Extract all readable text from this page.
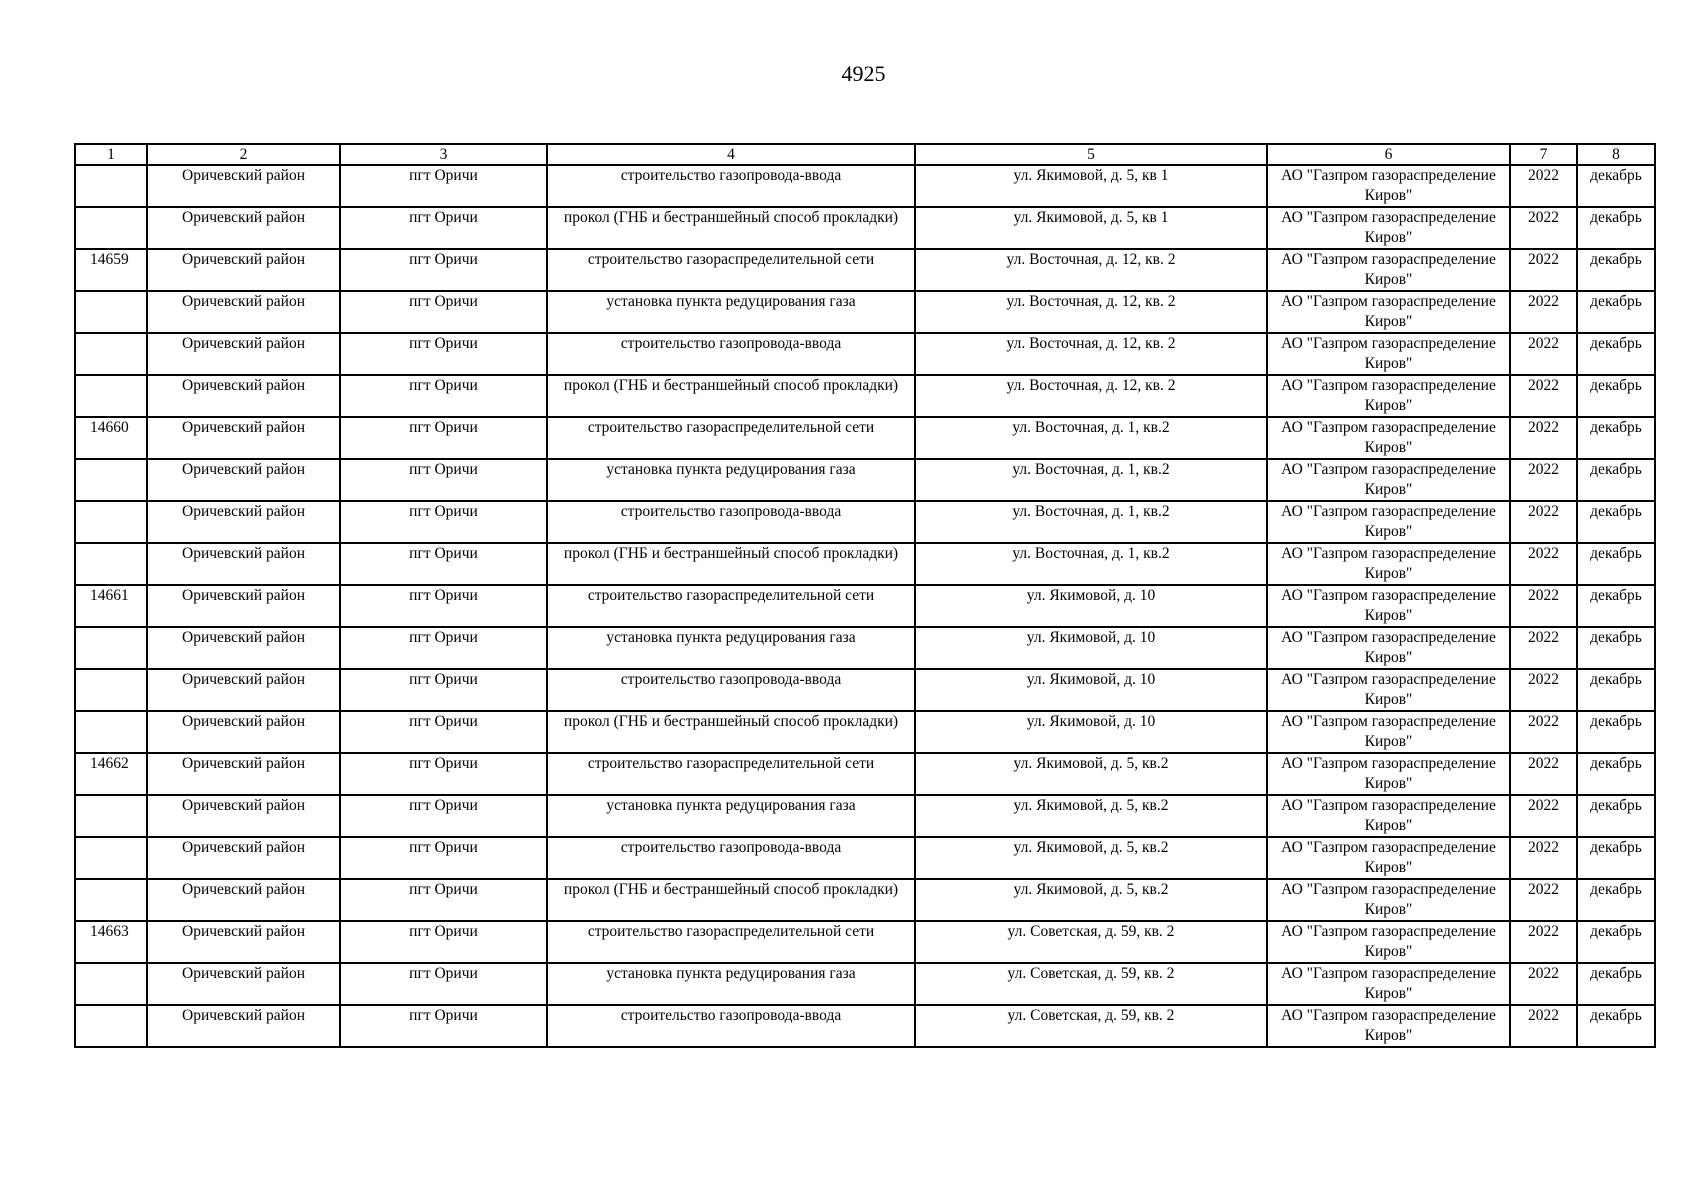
4925
1	2	3	4	5	6	7	8
	Оричевский район	пгт Оричи	строительство газопровода-ввода	ул. Якимовой, д. 5, кв 1	АО "Газпром газораспределение Киров"	2022	декабрь
	Оричевский район	пгт Оричи	прокол (ГНБ и бестраншейный способ прокладки)	ул. Якимовой, д. 5, кв 1	АО "Газпром газораспределение Киров"	2022	декабрь
14659	Оричевский район	пгт Оричи	строительство газораспределительной сети	ул. Восточная, д. 12, кв. 2	АО "Газпром газораспределение Киров"	2022	декабрь
	Оричевский район	пгт Оричи	установка пункта редуцирования газа	ул. Восточная, д. 12, кв. 2	АО "Газпром газораспределение Киров"	2022	декабрь
	Оричевский район	пгт Оричи	строительство газопровода-ввода	ул. Восточная, д. 12, кв. 2	АО "Газпром газораспределение Киров"	2022	декабрь
	Оричевский район	пгт Оричи	прокол (ГНБ и бестраншейный способ прокладки)	ул. Восточная, д. 12, кв. 2	АО "Газпром газораспределение Киров"	2022	декабрь
14660	Оричевский район	пгт Оричи	строительство газораспределительной сети	ул. Восточная, д. 1, кв.2	АО "Газпром газораспределение Киров"	2022	декабрь
	Оричевский район	пгт Оричи	установка пункта редуцирования газа	ул. Восточная, д. 1, кв.2	АО "Газпром газораспределение Киров"	2022	декабрь
	Оричевский район	пгт Оричи	строительство газопровода-ввода	ул. Восточная, д. 1, кв.2	АО "Газпром газораспределение Киров"	2022	декабрь
	Оричевский район	пгт Оричи	прокол (ГНБ и бестраншейный способ прокладки)	ул. Восточная, д. 1, кв.2	АО "Газпром газораспределение Киров"	2022	декабрь
14661	Оричевский район	пгт Оричи	строительство газораспределительной сети	ул. Якимовой, д. 10	АО "Газпром газораспределение Киров"	2022	декабрь
	Оричевский район	пгт Оричи	установка пункта редуцирования газа	ул. Якимовой, д. 10	АО "Газпром газораспределение Киров"	2022	декабрь
	Оричевский район	пгт Оричи	строительство газопровода-ввода	ул. Якимовой, д. 10	АО "Газпром газораспределение Киров"	2022	декабрь
	Оричевский район	пгт Оричи	прокол (ГНБ и бестраншейный способ прокладки)	ул. Якимовой, д. 10	АО "Газпром газораспределение Киров"	2022	декабрь
14662	Оричевский район	пгт Оричи	строительство газораспределительной сети	ул. Якимовой, д. 5, кв.2	АО "Газпром газораспределение Киров"	2022	декабрь
	Оричевский район	пгт Оричи	установка пункта редуцирования газа	ул. Якимовой, д. 5, кв.2	АО "Газпром газораспределение Киров"	2022	декабрь
	Оричевский район	пгт Оричи	строительство газопровода-ввода	ул. Якимовой, д. 5, кв.2	АО "Газпром газораспределение Киров"	2022	декабрь
	Оричевский район	пгт Оричи	прокол (ГНБ и бестраншейный способ прокладки)	ул. Якимовой, д. 5, кв.2	АО "Газпром газораспределение Киров"	2022	декабрь
14663	Оричевский район	пгт Оричи	строительство газораспределительной сети	ул. Советская, д. 59, кв. 2	АО "Газпром газораспределение Киров"	2022	декабрь
	Оричевский район	пгт Оричи	установка пункта редуцирования газа	ул. Советская, д. 59, кв. 2	АО "Газпром газораспределение Киров"	2022	декабрь
	Оричевский район	пгт Оричи	строительство газопровода-ввода	ул. Советская, д. 59, кв. 2	АО "Газпром газораспределение Киров"	2022	декабрь
